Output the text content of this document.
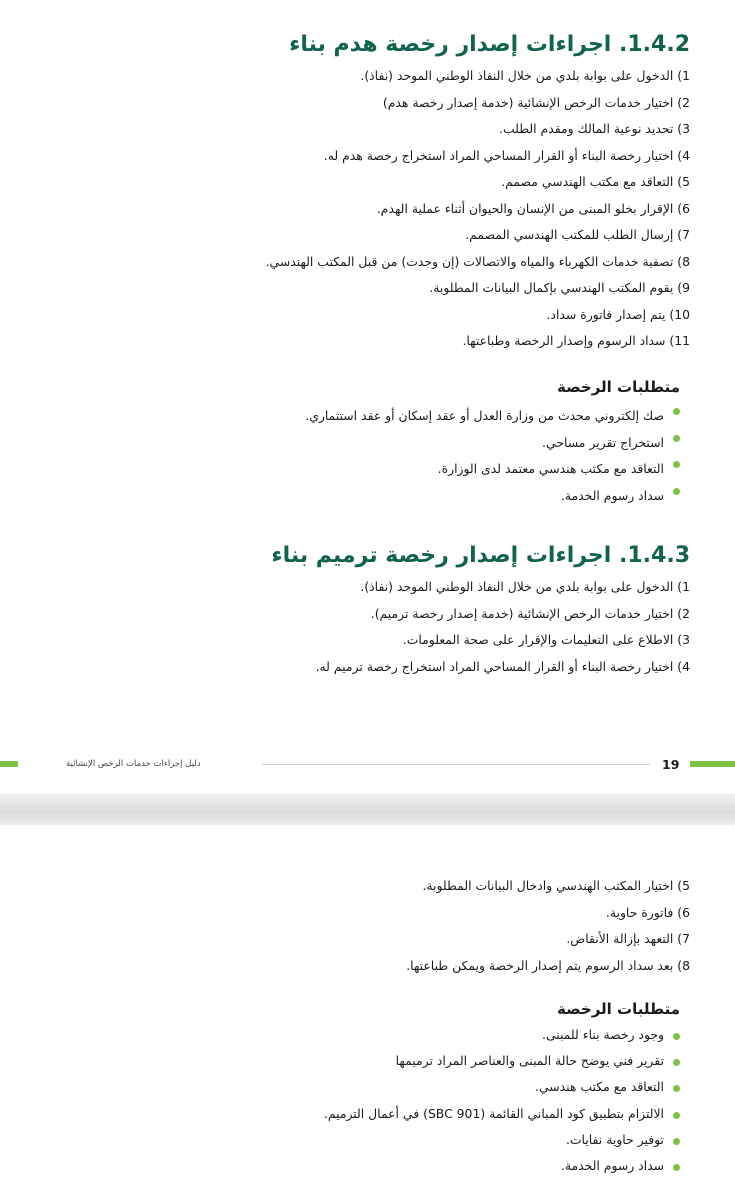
1.4.2. اجراءات إصدار رخصة هدم بناء
1) الدخول على بوابة بلدي من خلال النفاذ الوطني الموحد (نفاذ).
2) اختيار خدمات الرخص الإنشائية (خدمة إصدار رخصة هدم)
3) تحديد نوعية المالك ومقدم الطلب.
4) اختيار رخصة البناء أو القرار المساحي المراد استخراج رخصة هدم له.
5) التعاقد مع مكتب الهندسي مصمم.
6) الإقرار بخلو المبنى من الإنسان والحيوان أثناء عملية الهدم.
7) إرسال الطلب للمكتب الهندسي المصمم.
8) تصفية خدمات الكهرباء والمياه والاتصالات (إن وجدت) من قبل المكتب الهندسي.
9) يقوم المكتب الهندسي بإكمال البيانات المطلوبة.
10) يتم إصدار فاتورة سداد.
11) سداد الرسوم وإصدار الرخصة وطباعتها.
متطلبات الرخصة
صك إلكتروني محدث من وزارة العدل أو عقد إسكان أو عقد استثماري.
استخراج تقرير مساحي.
التعاقد مع مكتب هندسي معتمد لدى الوزارة.
سداد رسوم الخدمة.
1.4.3. اجراءات إصدار رخصة ترميم بناء
1) الدخول على بوابة بلدي من خلال النفاذ الوطني الموحد (نفاذ).
2) اختيار خدمات الرخص الإنشائية (خدمة إصدار رخصة ترميم).
3) الاطلاع على التعليمات والإقرار على صحة المعلومات.
4) اختيار رخصة البناء أو القرار المساحي المراد استخراج رخصة ترميم له.
دليل إجراءات خدمات الرخص الإنشائية	19
5) اختيار المكتب الهندسي وادخال البيانات المطلوبة.
6) فاتورة حاوية.
7) التعهد بإزالة الأنقاض.
8) بعد سداد الرسوم يتم إصدار الرخصة ويمكن طباعتها.
متطلبات الرخصة
وجود رخصة بناء للمبنى.
تقرير فني يوضح حالة المبنى والعناصر المراد ترميمها
التعاقد مع مكتب هندسي.
الالتزام بتطبيق كود المباني القائمة (SBC 901) في أعمال الترميم.
توفير حاوية نفايات.
سداد رسوم الخدمة.
